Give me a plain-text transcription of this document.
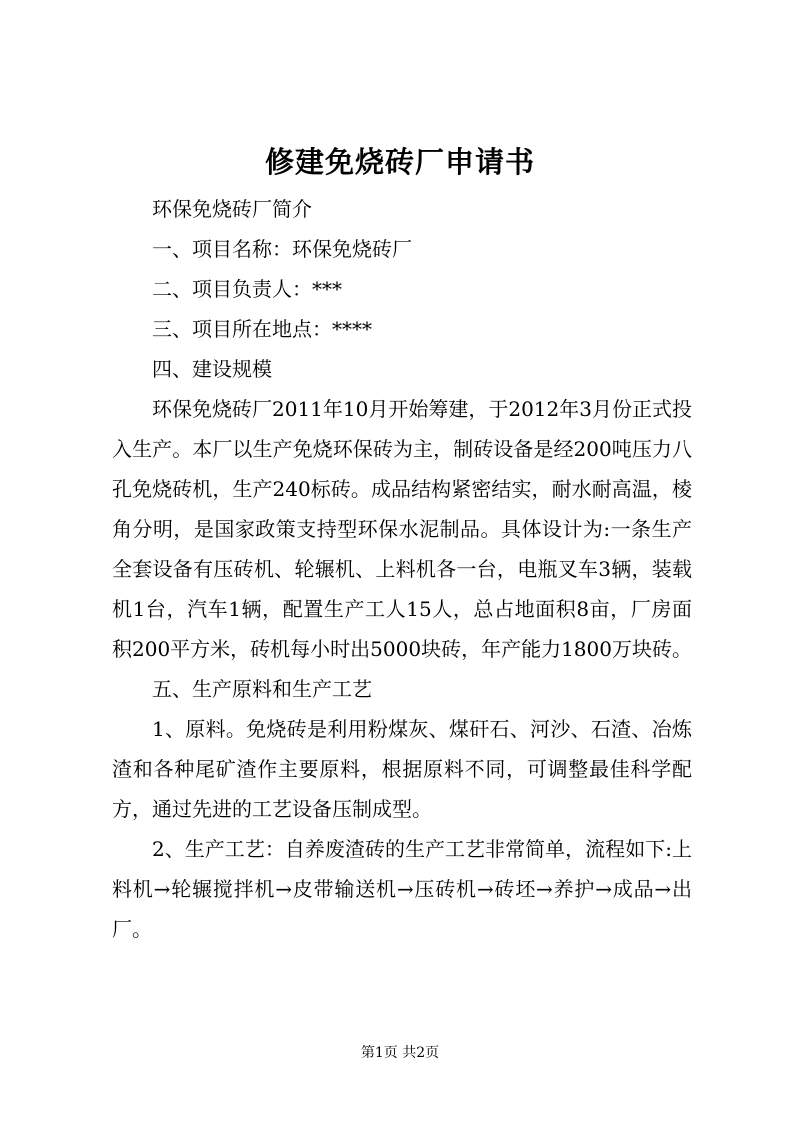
修建免烧砖厂申请书

环保免烧砖厂简介

一、项目名称：环保免烧砖厂

二、项目负责人：***

三、项目所在地点：****

四、建设规模

环保免烧砖厂2011年10月开始筹建，于2012年3月份正式投入生产。本厂以生产免烧环保砖为主，制砖设备是经200吨压力八孔免烧砖机，生产240标砖。成品结构紧密结实，耐水耐高温，棱角分明，是国家政策支持型环保水泥制品。具体设计为:一条生产全套设备有压砖机、轮辗机、上料机各一台，电瓶叉车3辆，装载机1台，汽车1辆，配置生产工人15人，总占地面积8亩，厂房面积200平方米，砖机每小时出5000块砖，年产能力1800万块砖。

五、生产原料和生产工艺

1、原料。免烧砖是利用粉煤灰、煤矸石、河沙、石渣、冶炼渣和各种尾矿渣作主要原料，根据原料不同，可调整最佳科学配方，通过先进的工艺设备压制成型。

2、生产工艺：自养废渣砖的生产工艺非常简单，流程如下:上料机→轮辗搅拌机→皮带输送机→压砖机→砖坯→养护→成品→出厂。

第1页 共2页
